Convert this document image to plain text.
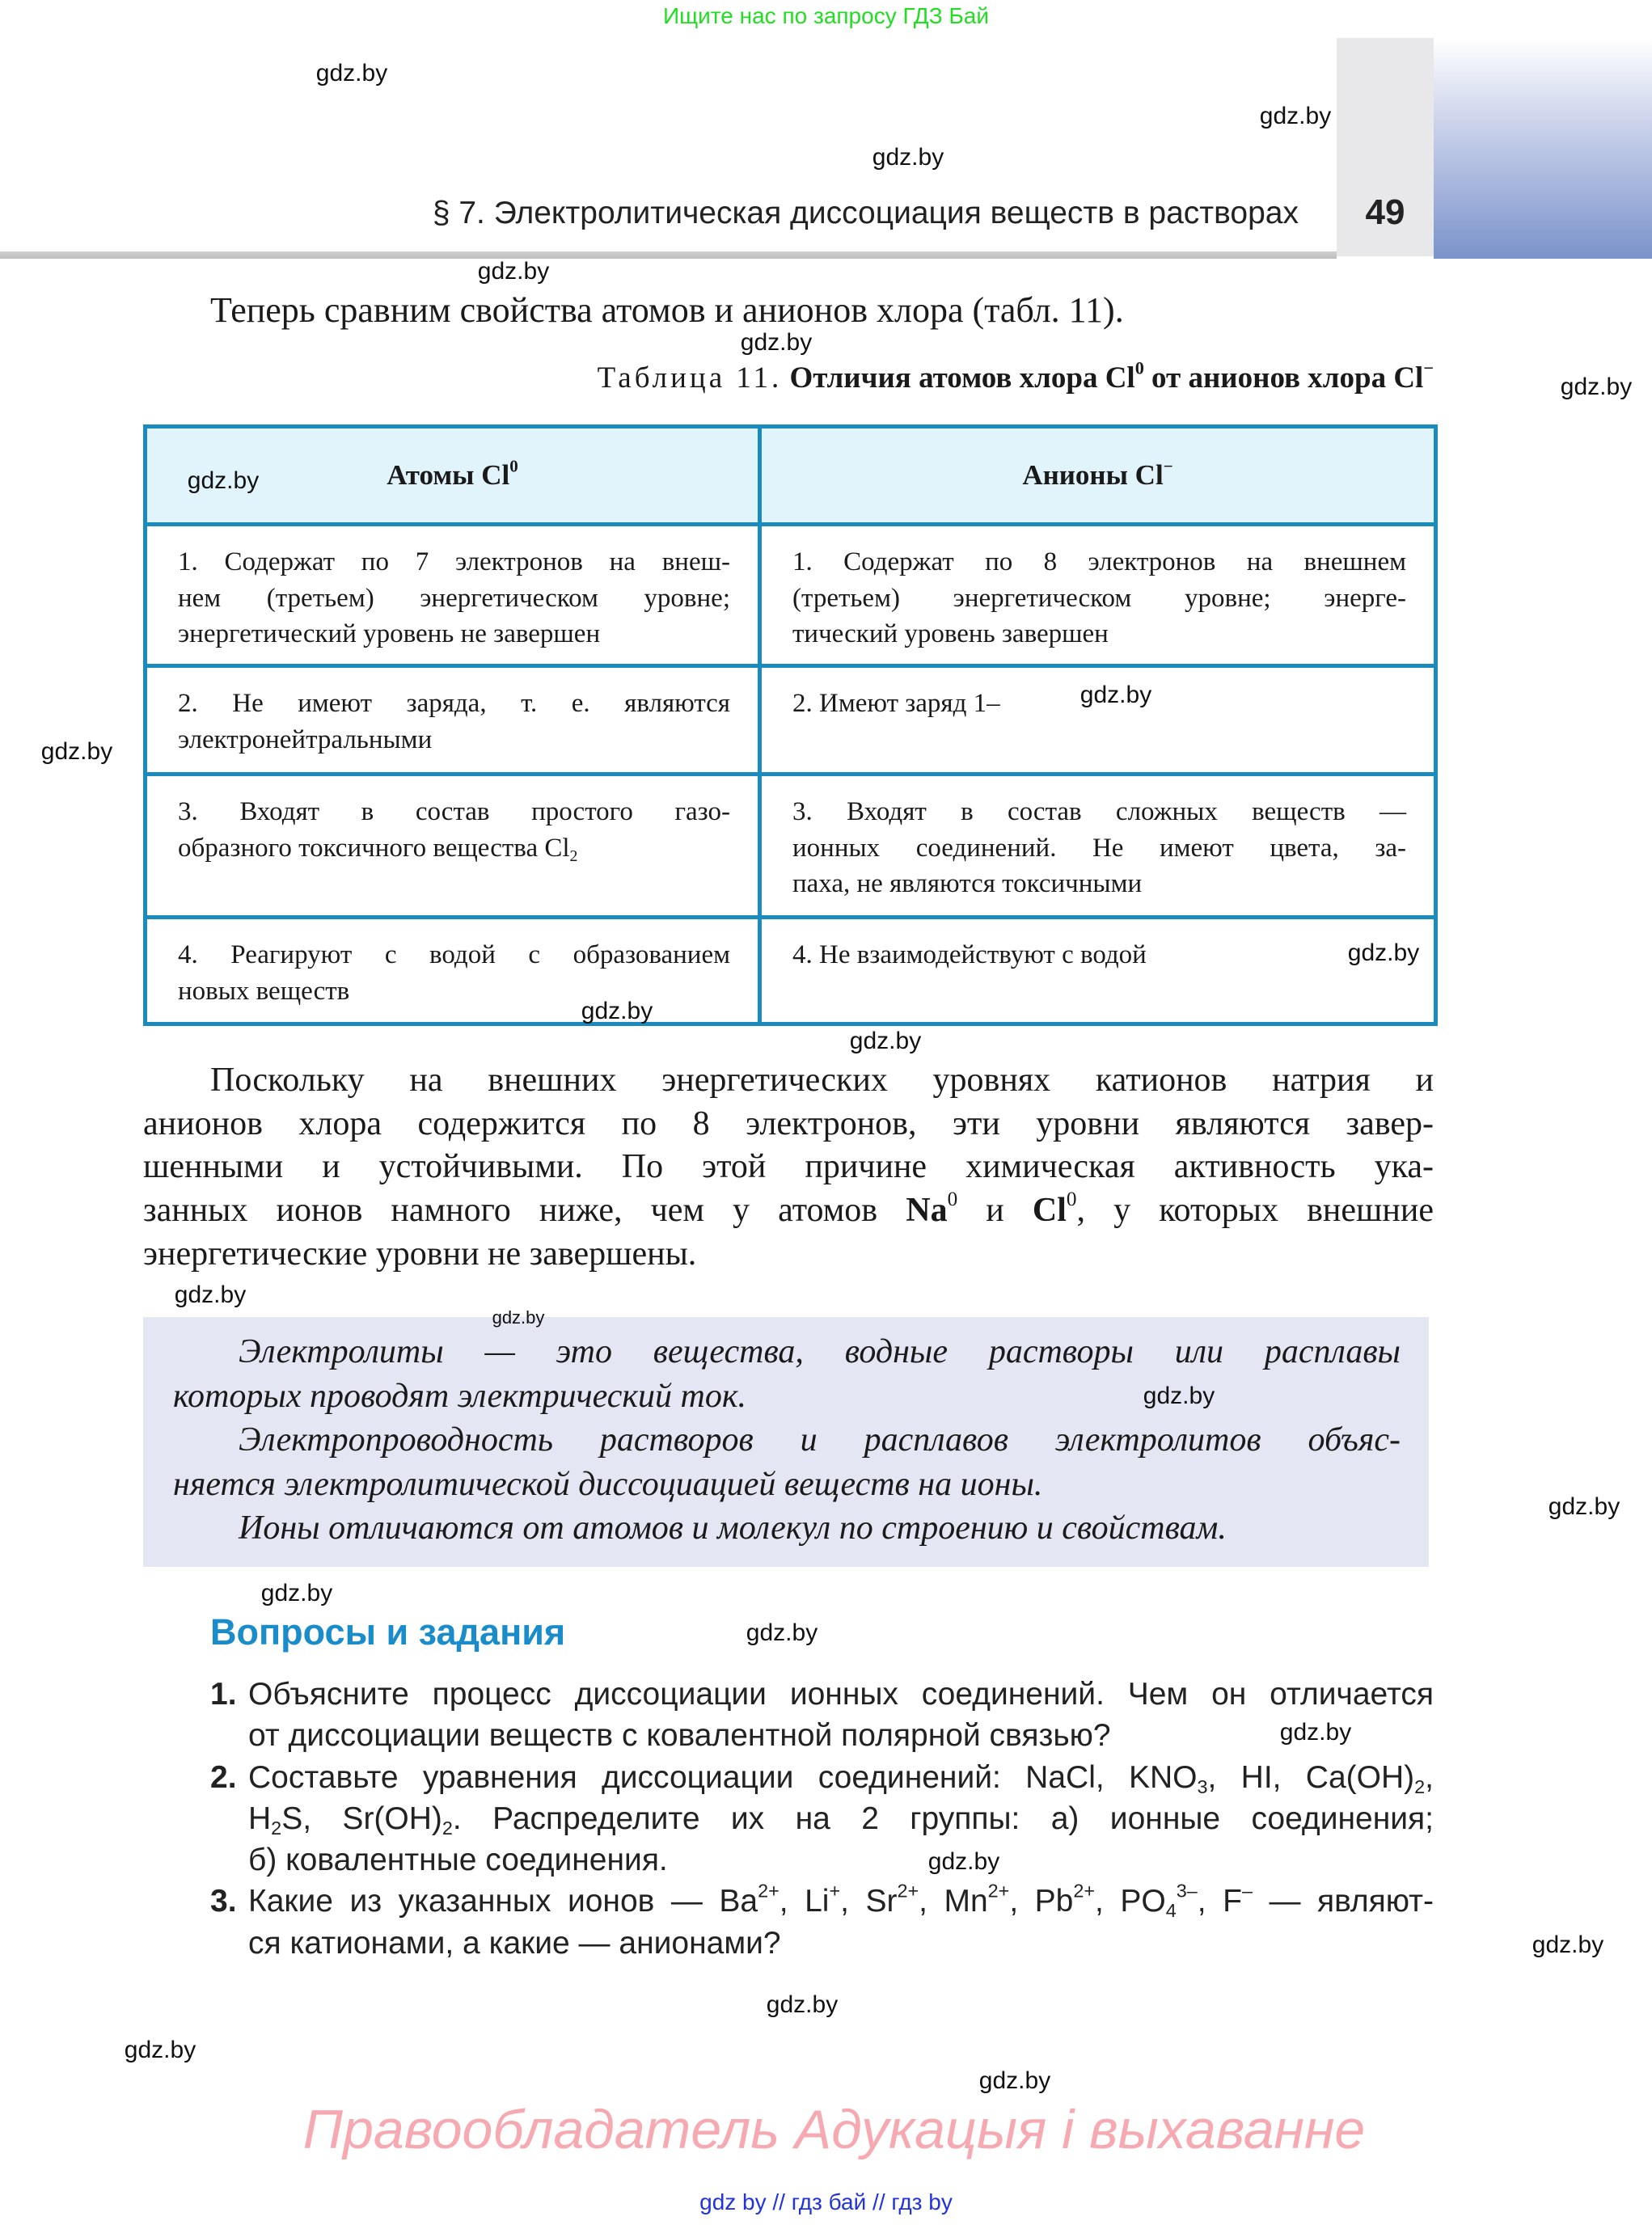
Ищите нас по запросу ГДЗ Бай
§ 7. Электролитическая диссоциация веществ в растворах	49
Теперь сравним свойства атомов и анионов хлора (табл. 11).
Таблица 11. Отличия атомов хлора Cl$^0$ от анионов хлора Cl−
Атомы Cl$^0$	Анионы Cl−

1. Содержат по 7 электронов на внеш-
нем (третьем) энергетическом уровне;
энергетический уровень не завершен	1. Содержат по 8 электронов на внешнем
(третьем) энергетическом уровне; энерге-
тический уровень завершен

2. Не имеют заряда, т. е. являются
электронейтральными	2. Имеют заряд 1–

3. Входят в состав простого газо-
образного токсичного вещества $Cl_2$	3. Входят в состав сложных веществ —
ионных соединений. Не имеют цвета, за-
паха, не являются токсичными

4. Реагируют с водой с образованием
новых веществ	4. Не взаимодействуют с водой
Поскольку на внешних энергетических уровнях катионов натрия и
анионов хлора содержится по 8 электронов, эти уровни являются завер-
шенными и устойчивыми. По этой причине химическая активность ука-
занных ионов намного ниже, чем у атомов Na$^0$ и Cl$^0$, у которых внешние
энергетические уровни не завершены.
Электролиты — это вещества, водные растворы или расплавы
которых проводят электрический ток.
Электропроводность растворов и расплавов электролитов объяс-
няется электролитической диссоциацией веществ на ионы.
Ионы отличаются от атомов и молекул по строению и свойствам.
Вопросы и задания
1. Объясните процесс диссоциации ионных соединений. Чем он отличается
от диссоциации веществ с ковалентной полярной связью?
2. Составьте уравнения диссоциации соединений: NaCl, $KNO_3$, HI, $Ca(OH)_2$,
$H_2S$, $Sr(OH)_2$. Распределите их на 2 группы: а) ионные соединения;
б) ковалентные соединения.
3. Какие из указанных ионов — $Ba^{2+}$, Li+, $Sr^{2+}$, $Mn^{2+}$, $Pb^{2+}$, $PO_4^{3-}$, F– — являют-
ся катионами, а какие — анионами?
Правообладатель Адукацыя і выхаванне
gdz by // гдз бай // гдз by
gdz.by
gdz.by
gdz.by
gdz.by
gdz.by
gdz.by
gdz.by
gdz.by
gdz.by
gdz.by
gdz.by
gdz.by
gdz.by
gdz.by
gdz.by
gdz.by
gdz.by
gdz.by
gdz.by
gdz.by
gdz.by
gdz.by
gdz.by
gdz.by
